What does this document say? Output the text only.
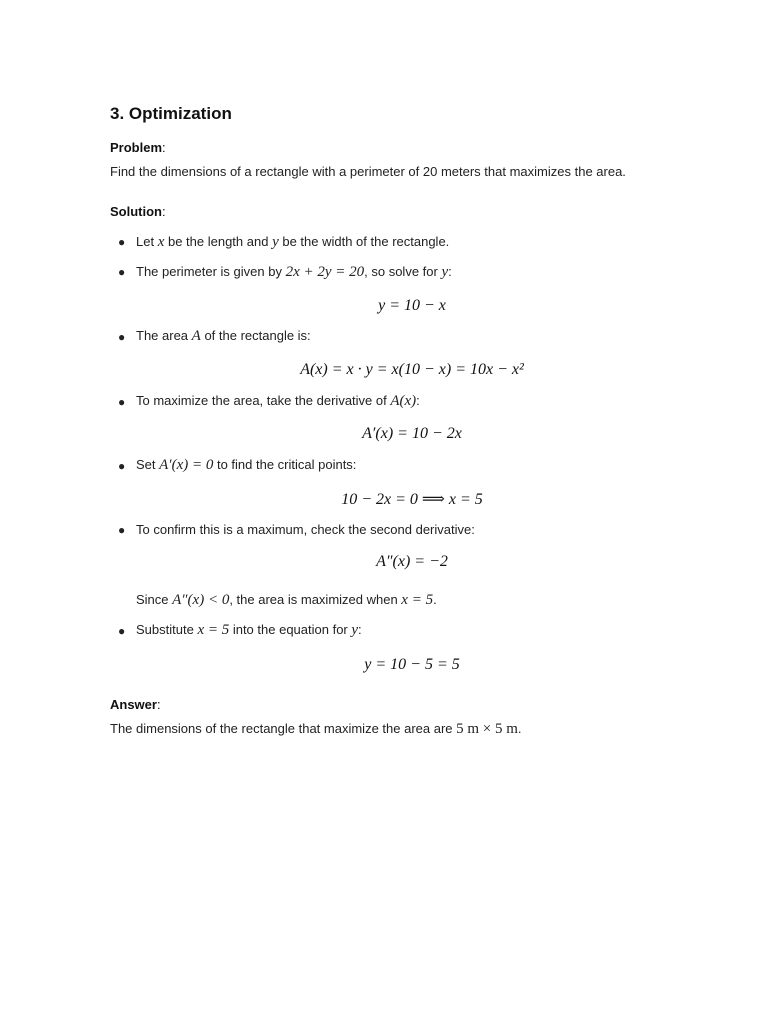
3. Optimization
Problem:
Find the dimensions of a rectangle with a perimeter of 20 meters that maximizes the area.
Solution:
● Let x be the length and y be the width of the rectangle.
● The perimeter is given by 2x + 2y = 20, so solve for y:
y = 10 − x
● The area A of the rectangle is:
A(x) = x · y = x(10 − x) = 10x − x²
● To maximize the area, take the derivative of A(x):
A′(x) = 10 − 2x
● Set A′(x) = 0 to find the critical points:
10 − 2x = 0 ⟹ x = 5
● To confirm this is a maximum, check the second derivative:
A″(x) = −2
Since A″(x) < 0, the area is maximized when x = 5.
● Substitute x = 5 into the equation for y:
y = 10 − 5 = 5
Answer:
The dimensions of the rectangle that maximize the area are 5 m × 5 m.
